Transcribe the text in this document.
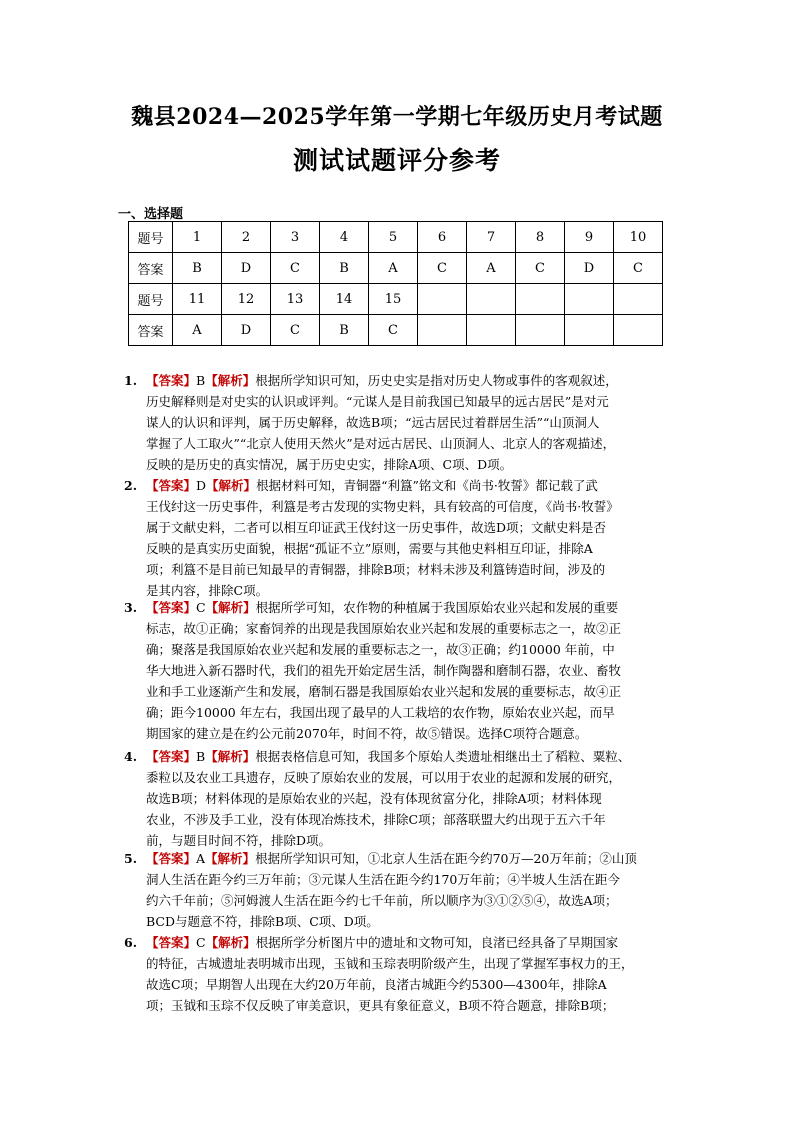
魏县2024—2025学年第一学期七年级历史月考试题
测试试题评分参考
一、选择题
题号	1	2	3	4	5	6	7	8	9	10
答案	B	D	C	B	A	C	A	C	D	C
题号	11	12	13	14	15					
答案	A	D	C	B	C					
1. 【答案】B【解析】根据所学知识可知，历史史实是指对历史人物或事件的客观叙述，
历史解释则是对史实的认识或评判。“元谋人是目前我国已知最早的远古居民”是对元
谋人的认识和评判，属于历史解释，故选B项；“远古居民过着群居生活”“山顶洞人
掌握了人工取火”“北京人使用天然火”是对远古居民、山顶洞人、北京人的客观描述，
反映的是历史的真实情况，属于历史史实，排除A项、C项、D项。
2. 【答案】D【解析】根据材料可知，青铜器“利簋”铭文和《尚书·牧誓》都记载了武
王伐纣这一历史事件，利簋是考古发现的实物史料，具有较高的可信度，《尚书·牧誓》
属于文献史料，二者可以相互印证武王伐纣这一历史事件，故选D项；文献史料是否
反映的是真实历史面貌，根据“孤证不立”原则，需要与其他史料相互印证，排除A
项；利簋不是目前已知最早的青铜器，排除B项；材料未涉及利簋铸造时间，涉及的
是其内容，排除C项。
3. 【答案】C【解析】根据所学可知，农作物的种植属于我国原始农业兴起和发展的重要
标志，故①正确；家畜饲养的出现是我国原始农业兴起和发展的重要标志之一，故②正
确；聚落是我国原始农业兴起和发展的重要标志之一，故③正确；约10000 年前，中
华大地进入新石器时代，我们的祖先开始定居生活，制作陶器和磨制石器，农业、畜牧
业和手工业逐渐产生和发展，磨制石器是我国原始农业兴起和发展的重要标志，故④正
确；距今10000 年左右，我国出现了最早的人工栽培的农作物，原始农业兴起，而早
期国家的建立是在约公元前2070年，时间不符，故⑤错误。选择C项符合题意。
4. 【答案】B【解析】根据表格信息可知，我国多个原始人类遗址相继出土了稻粒、粟粒、
黍粒以及农业工具遗存，反映了原始农业的发展，可以用于农业的起源和发展的研究，
故选B项；材料体现的是原始农业的兴起，没有体现贫富分化，排除A项；材料体现
农业，不涉及手工业，没有体现冶炼技术，排除C项；部落联盟大约出现于五六千年
前，与题目时间不符，排除D项。
5. 【答案】A【解析】根据所学知识可知，①北京人生活在距今约70万—20万年前；②山顶
洞人生活在距今约三万年前；③元谋人生活在距今约170万年前；④半坡人生活在距今
约六千年前；⑤河姆渡人生活在距今约七千年前，所以顺序为③①②⑤④，故选A项；
BCD与题意不符，排除B项、C项、D项。
6. 【答案】C【解析】根据所学分析图片中的遗址和文物可知，良渚已经具备了早期国家
的特征，古城遗址表明城市出现，玉钺和玉琮表明阶级产生，出现了掌握军事权力的王，
故选C项；早期智人出现在大约20万年前，良渚古城距今约5300—4300年，排除A
项；玉钺和玉琮不仅反映了审美意识，更具有象征意义，B项不符合题意，排除B项；
